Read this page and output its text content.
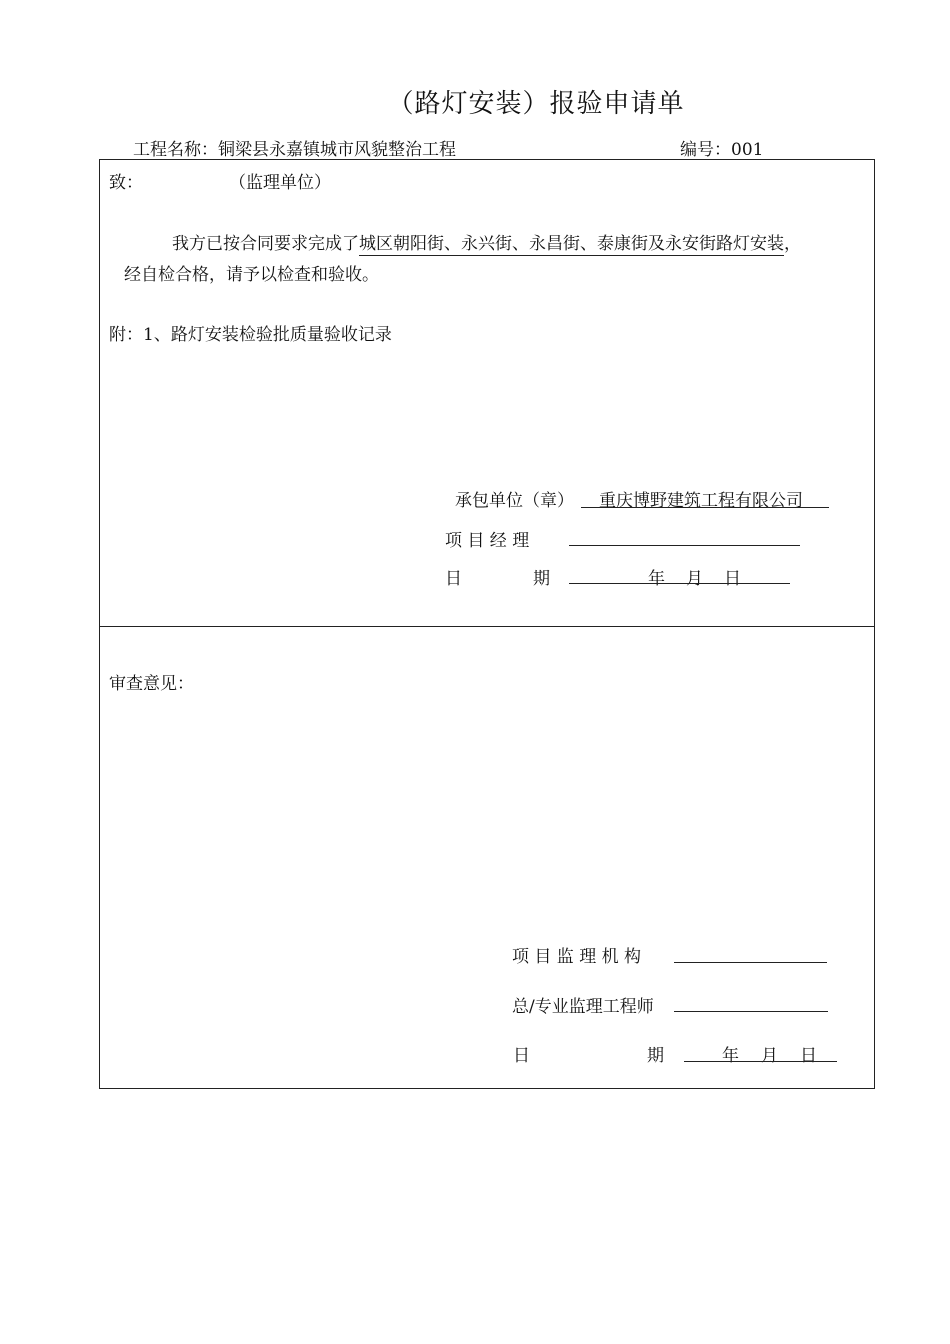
（路灯安装）报验申请单
工程名称：铜梁县永嘉镇城市风貌整治工程	编号：001
致：	（监理单位）
我方已按合同要求完成了城区朝阳街、永兴街、永昌街、泰康街及永安街路灯安装，
经自检合格，请予以检查和验收。
附：1、路灯安装检验批质量验收记录
承包单位（章） 重庆博野建筑工程有限公司
项 目 经 理
日	期	年 月 日
审查意见：
项 目 监 理 机 构
总/专业监理工程师
日	期	年 月 日
